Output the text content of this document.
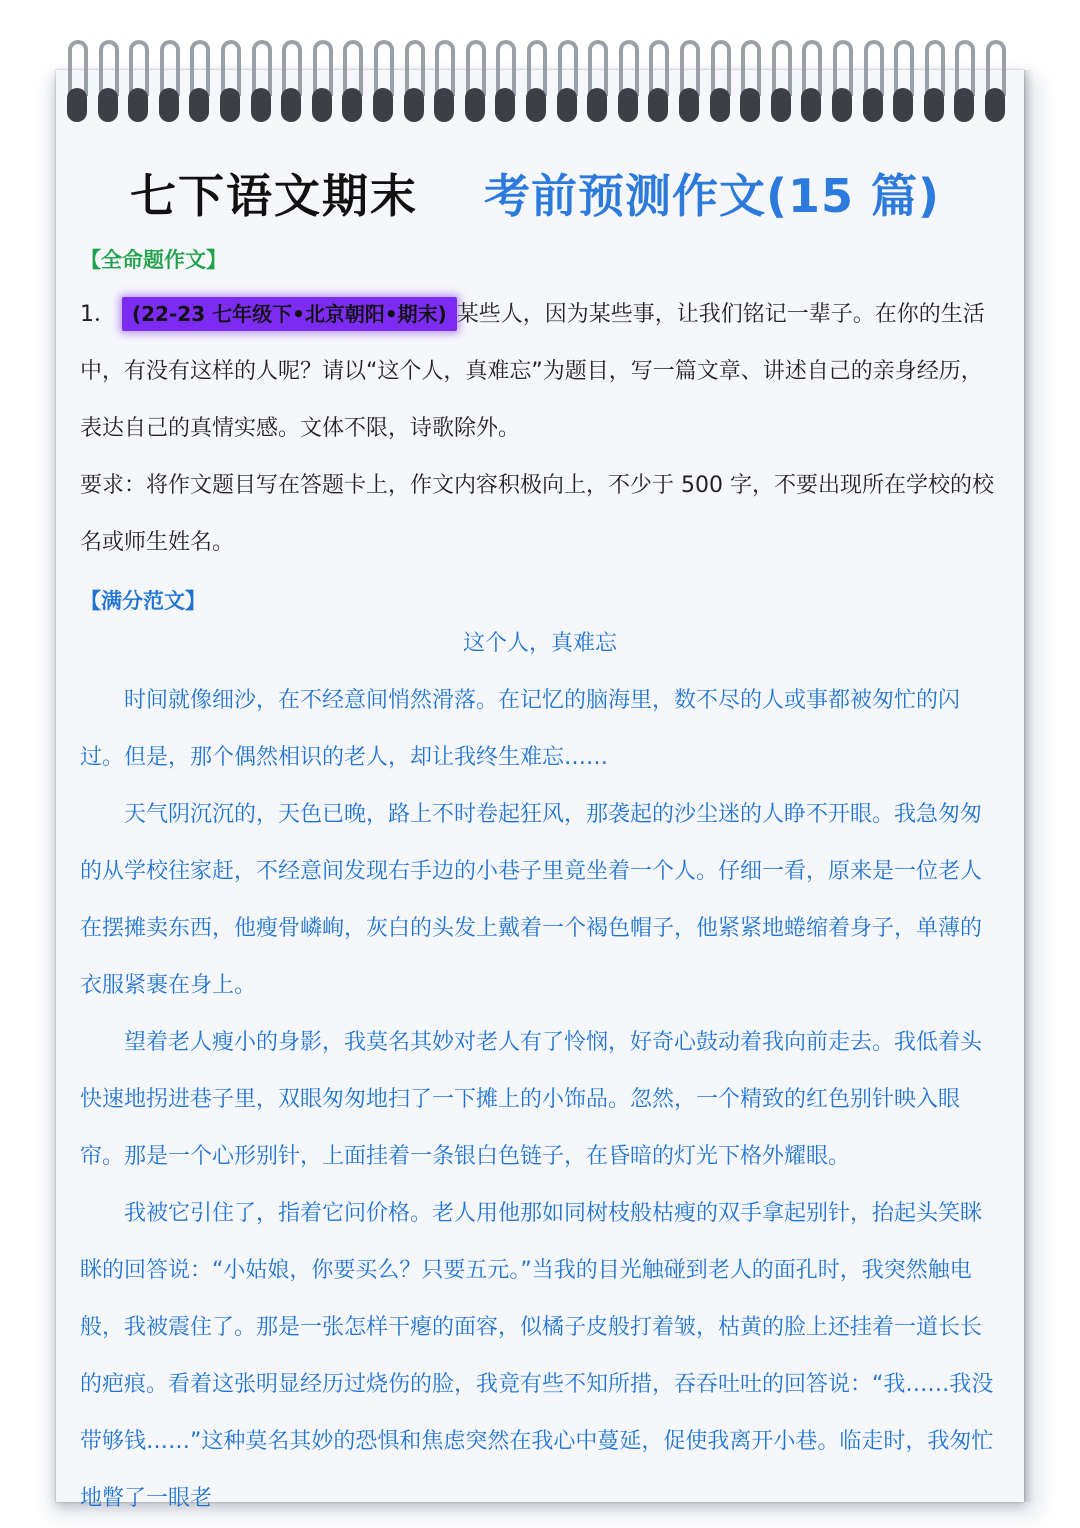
七下语文期末 考前预测作文(15 篇)
【全命题作文】

1． (22-23 七年级下•北京朝阳•期末) 某些人，因为某些事，让我们铭记一辈子。在你的生活中，有没有这样的人呢？请以“这个人，真难忘”为题目，写一篇文章、讲述自己的亲身经历，表达自己的真情实感。文体不限，诗歌除外。

要求：将作文题目写在答题卡上，作文内容积极向上，不少于 500 字，不要出现所在学校的校名或师生姓名。

【满分范文】
这个人，真难忘

时间就像细沙，在不经意间悄然滑落。在记忆的脑海里，数不尽的人或事都被匆忙的闪过。但是，那个偶然相识的老人，却让我终生难忘……

天气阴沉沉的，天色已晚，路上不时卷起狂风，那袭起的沙尘迷的人睁不开眼。我急匆匆的从学校往家赶，不经意间发现右手边的小巷子里竟坐着一个人。仔细一看，原来是一位老人在摆摊卖东西，他瘦骨嶙峋，灰白的头发上戴着一个褐色帽子，他紧紧地蜷缩着身子，单薄的衣服紧裹在身上。

望着老人瘦小的身影，我莫名其妙对老人有了怜悯，好奇心鼓动着我向前走去。我低着头快速地拐进巷子里，双眼匆匆地扫了一下摊上的小饰品。忽然，一个精致的红色别针映入眼帘。那是一个心形别针，上面挂着一条银白色链子，在昏暗的灯光下格外耀眼。

我被它引住了，指着它问价格。老人用他那如同树枝般枯瘦的双手拿起别针，抬起头笑眯眯的回答说：“小姑娘，你要买么？只要五元。”当我的目光触碰到老人的面孔时，我突然触电般，我被震住了。那是一张怎样干瘪的面容，似橘子皮般打着皱，枯黄的脸上还挂着一道长长的疤痕。看着这张明显经历过烧伤的脸，我竟有些不知所措，吞吞吐吐的回答说：“我……我没带够钱……”这种莫名其妙的恐惧和焦虑突然在我心中蔓延，促使我离开小巷。临走时，我匆忙地瞥了一眼老
